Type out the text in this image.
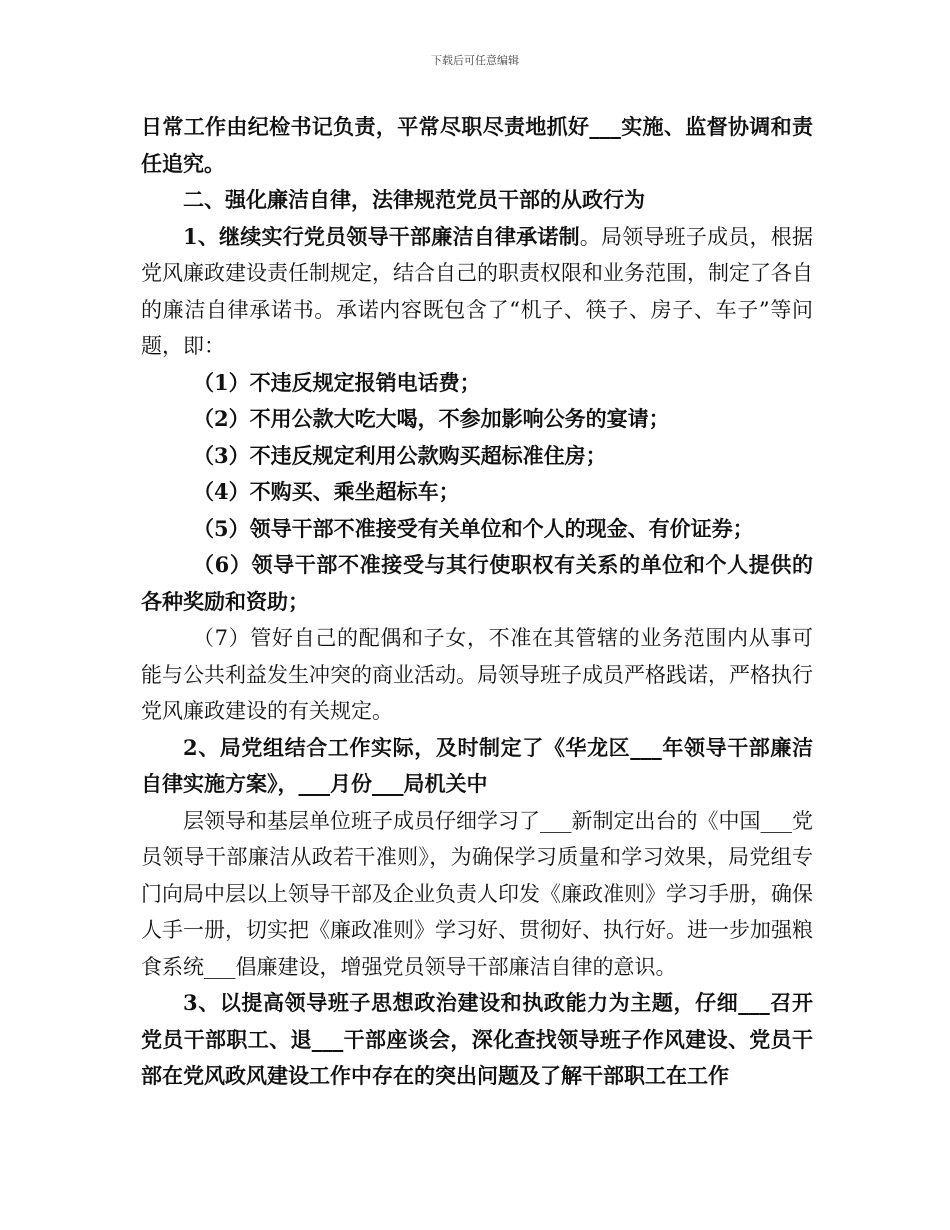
下载后可任意编辑

日常工作由纪检书记负责，平常尽职尽责地抓好___实施、监督协调和责任追究。

二、强化廉洁自律，法律规范党员干部的从政行为

1、继续实行党员领导干部廉洁自律承诺制。局领导班子成员，根据党风廉政建设责任制规定，结合自己的职责权限和业务范围，制定了各自的廉洁自律承诺书。承诺内容既包含了“机子、筷子、房子、车子”等问题，即：

（1）不违反规定报销电话费；

（2）不用公款大吃大喝，不参加影响公务的宴请；

（3）不违反规定利用公款购买超标准住房；

（4）不购买、乘坐超标车；

（5）领导干部不准接受有关单位和个人的现金、有价证券；

（6）领导干部不准接受与其行使职权有关系的单位和个人提供的各种奖励和资助；

（7）管好自己的配偶和子女，不准在其管辖的业务范围内从事可能与公共利益发生冲突的商业活动。局领导班子成员严格践诺，严格执行党风廉政建设的有关规定。

2、局党组结合工作实际，及时制定了《华龙区___年领导干部廉洁自律实施方案》，___月份___局机关中

层领导和基层单位班子成员仔细学习了___新制定出台的《中国___党员领导干部廉洁从政若干准则》，为确保学习质量和学习效果，局党组专门向局中层以上领导干部及企业负责人印发《廉政准则》学习手册，确保人手一册，切实把《廉政准则》学习好、贯彻好、执行好。进一步加强粮食系统___倡廉建设，增强党员领导干部廉洁自律的意识。

3、以提高领导班子思想政治建设和执政能力为主题，仔细___召开党员干部职工、退___干部座谈会，深化查找领导班子作风建设、党员干部在党风政风建设工作中存在的突出问题及了解干部职工在工作
